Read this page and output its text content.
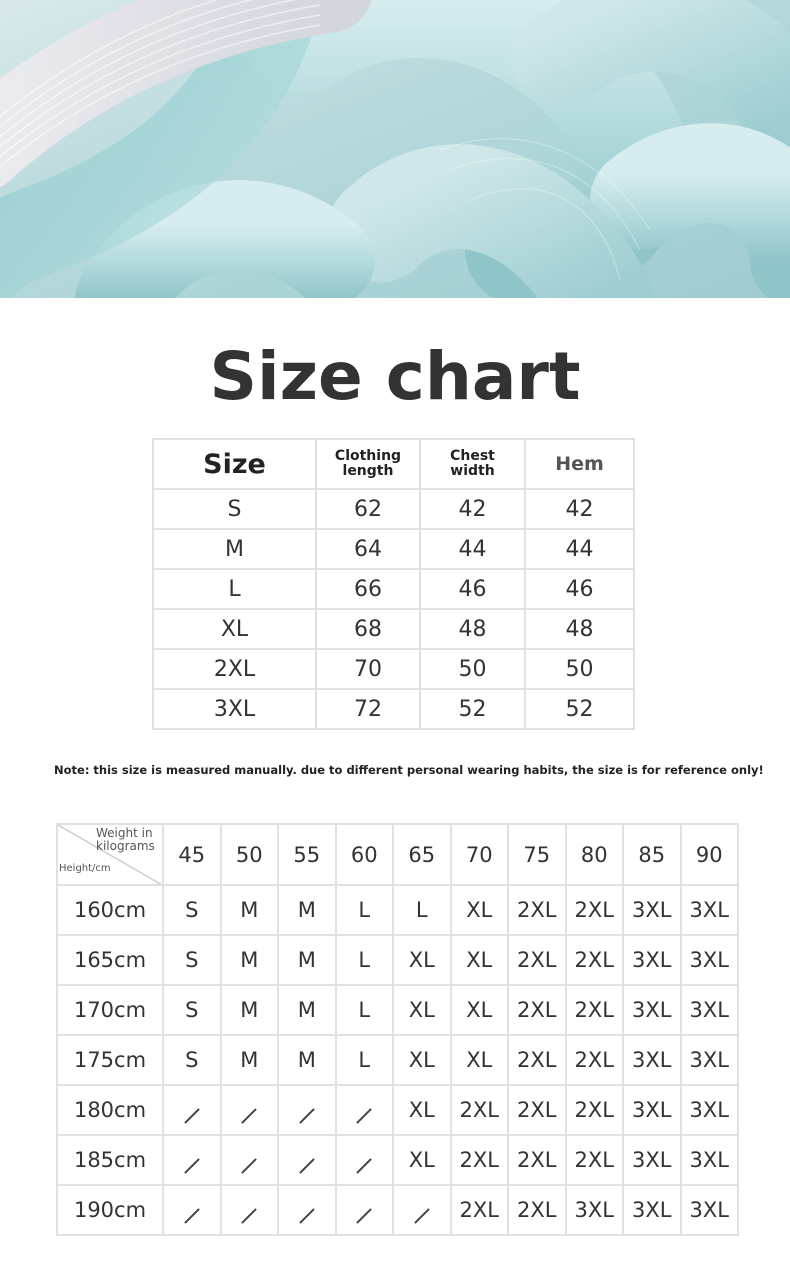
Size chart
Size	Clothing length	Chest width	Hem
S	62	42	42
M	64	44	44
L	66	46	46
XL	68	48	48
2XL	70	50	50
3XL	72	52	52
Note: this size is measured manually. due to different personal wearing habits, the size is for reference only!
Weight in kilograms
Height/cm	45	50	55	60	65	70	75	80	85	90
160cm	S	M	M	L	L	XL	2XL	2XL	3XL	3XL
165cm	S	M	M	L	XL	XL	2XL	2XL	3XL	3XL
170cm	S	M	M	L	XL	XL	2XL	2XL	3XL	3XL
175cm	S	M	M	L	XL	XL	2XL	2XL	3XL	3XL
180cm					XL	2XL	2XL	2XL	3XL	3XL
185cm					XL	2XL	2XL	2XL	3XL	3XL
190cm						2XL	2XL	3XL	3XL	3XL
